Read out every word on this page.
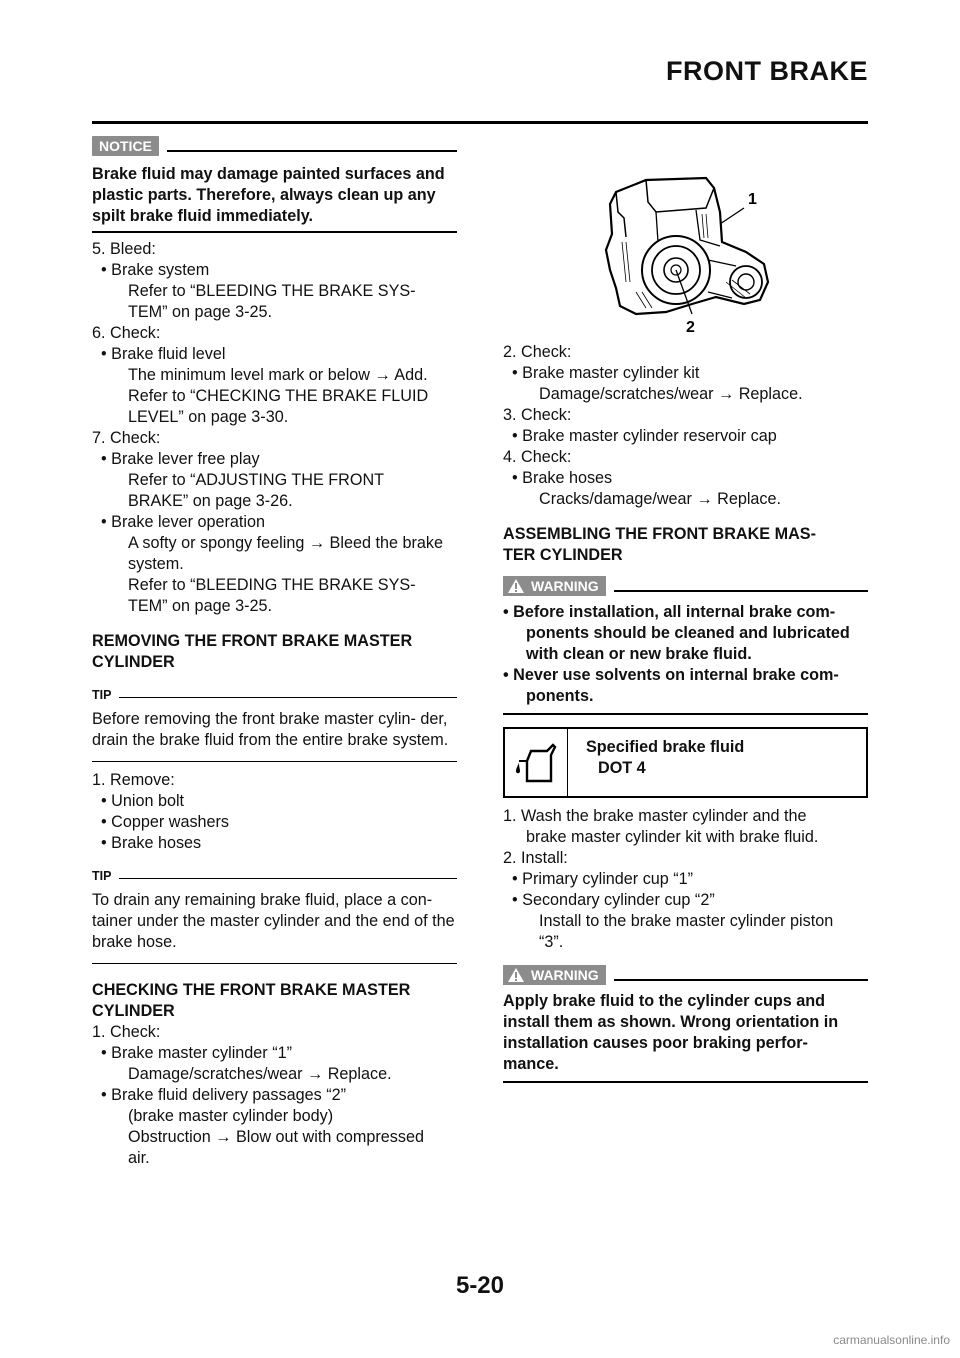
FRONT BRAKE
NOTICE

Brake fluid may damage painted surfaces and plastic parts. Therefore, always clean up any spilt brake fluid immediately.

5. Bleed:
• Brake system
Refer to “BLEEDING THE BRAKE SYS-
TEM” on page 3-25.
6. Check:
• Brake fluid level
The minimum level mark or below → Add.
Refer to “CHECKING THE BRAKE FLUID
LEVEL” on page 3-30.
7. Check:
• Brake lever free play
Refer to “ADJUSTING THE FRONT
BRAKE” on page 3-26.
• Brake lever operation
A softy or spongy feeling → Bleed the brake
system.
Refer to “BLEEDING THE BRAKE SYS-
TEM” on page 3-25.

REMOVING THE FRONT BRAKE MASTER
CYLINDER

TIP

Before removing the front brake master cylin- der, drain the brake fluid from the entire brake system.

1. Remove:
• Union bolt
• Copper washers
• Brake hoses
TIP

To drain any remaining brake fluid, place a con- tainer under the master cylinder and the end of the brake hose.

CHECKING THE FRONT BRAKE MASTER
CYLINDER

1. Check:
• Brake master cylinder “1”
Damage/scratches/wear → Replace.
• Brake fluid delivery passages “2”
(brake master cylinder body)
Obstruction → Blow out with compressed
air.
1
2
2. Check:
• Brake master cylinder kit
Damage/scratches/wear → Replace.
3. Check:
• Brake master cylinder reservoir cap
4. Check:
• Brake hoses
Cracks/damage/wear → Replace.

ASSEMBLING THE FRONT BRAKE MAS-
TER CYLINDER

WARNING
• Before installation, all internal brake com-
ponents should be cleaned and lubricated
with clean or new brake fluid.
• Never use solvents on internal brake com-
ponents.
Specified brake fluid
DOT 4
1. Wash the brake master cylinder and the
brake master cylinder kit with brake fluid.
2. Install:
• Primary cylinder cup “1”
• Secondary cylinder cup “2”
Install to the brake master cylinder piston
“3”.
WARNING

Apply brake fluid to the cylinder cups and install them as shown. Wrong orientation in installation causes poor braking perfor- mance.

5-20
carmanualsonline.info
